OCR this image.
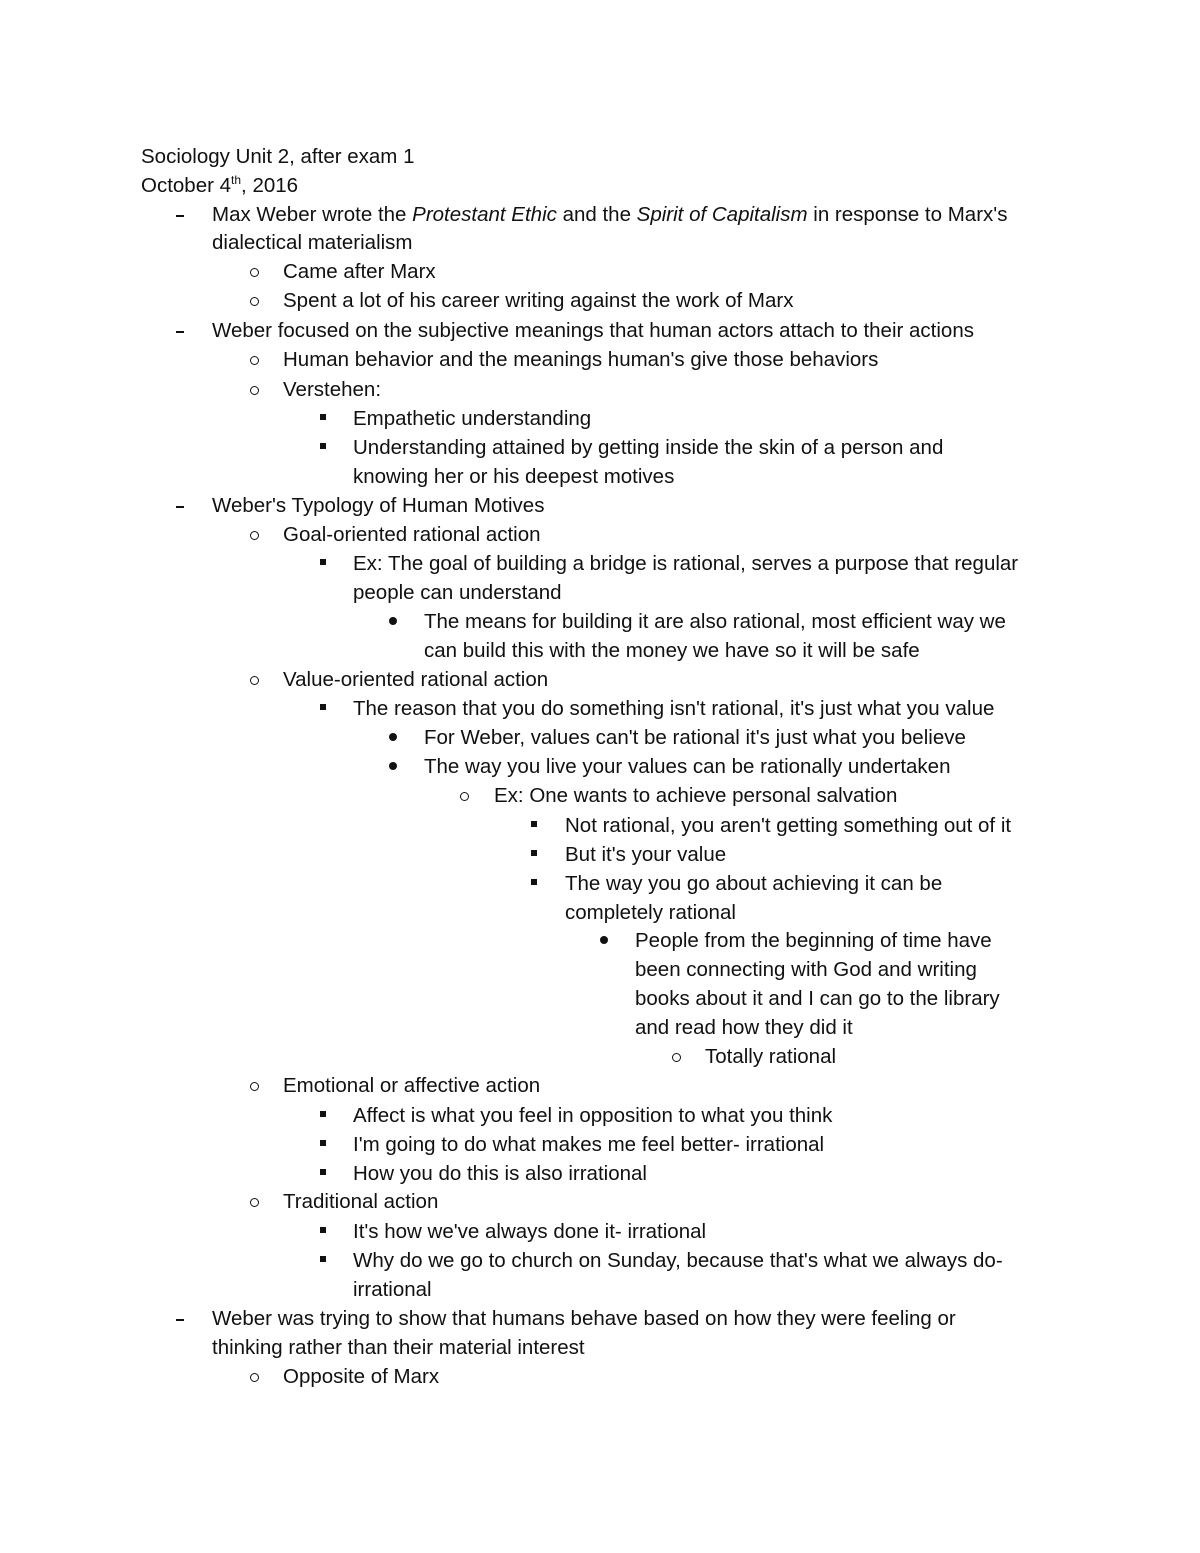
Sociology Unit 2, after exam 1
October 4th, 2016
Max Weber wrote the Protestant Ethic and the Spirit of Capitalism in response to Marx's
dialectical materialism
Came after Marx
Spent a lot of his career writing against the work of Marx
Weber focused on the subjective meanings that human actors attach to their actions
Human behavior and the meanings human's give those behaviors
Verstehen:
Empathetic understanding
Understanding attained by getting inside the skin of a person and
knowing her or his deepest motives
Weber's Typology of Human Motives
Goal-oriented rational action
Ex: The goal of building a bridge is rational, serves a purpose that regular
people can understand
The means for building it are also rational, most efficient way we
can build this with the money we have so it will be safe
Value-oriented rational action
The reason that you do something isn't rational, it's just what you value
For Weber, values can't be rational it's just what you believe
The way you live your values can be rationally undertaken
Ex: One wants to achieve personal salvation
Not rational, you aren't getting something out of it
But it's your value
The way you go about achieving it can be
completely rational
People from the beginning of time have
been connecting with God and writing
books about it and I can go to the library
and read how they did it
Totally rational
Emotional or affective action
Affect is what you feel in opposition to what you think
I'm going to do what makes me feel better- irrational
How you do this is also irrational
Traditional action
It's how we've always done it- irrational
Why do we go to church on Sunday, because that's what we always do-
irrational
Weber was trying to show that humans behave based on how they were feeling or
thinking rather than their material interest
Opposite of Marx
